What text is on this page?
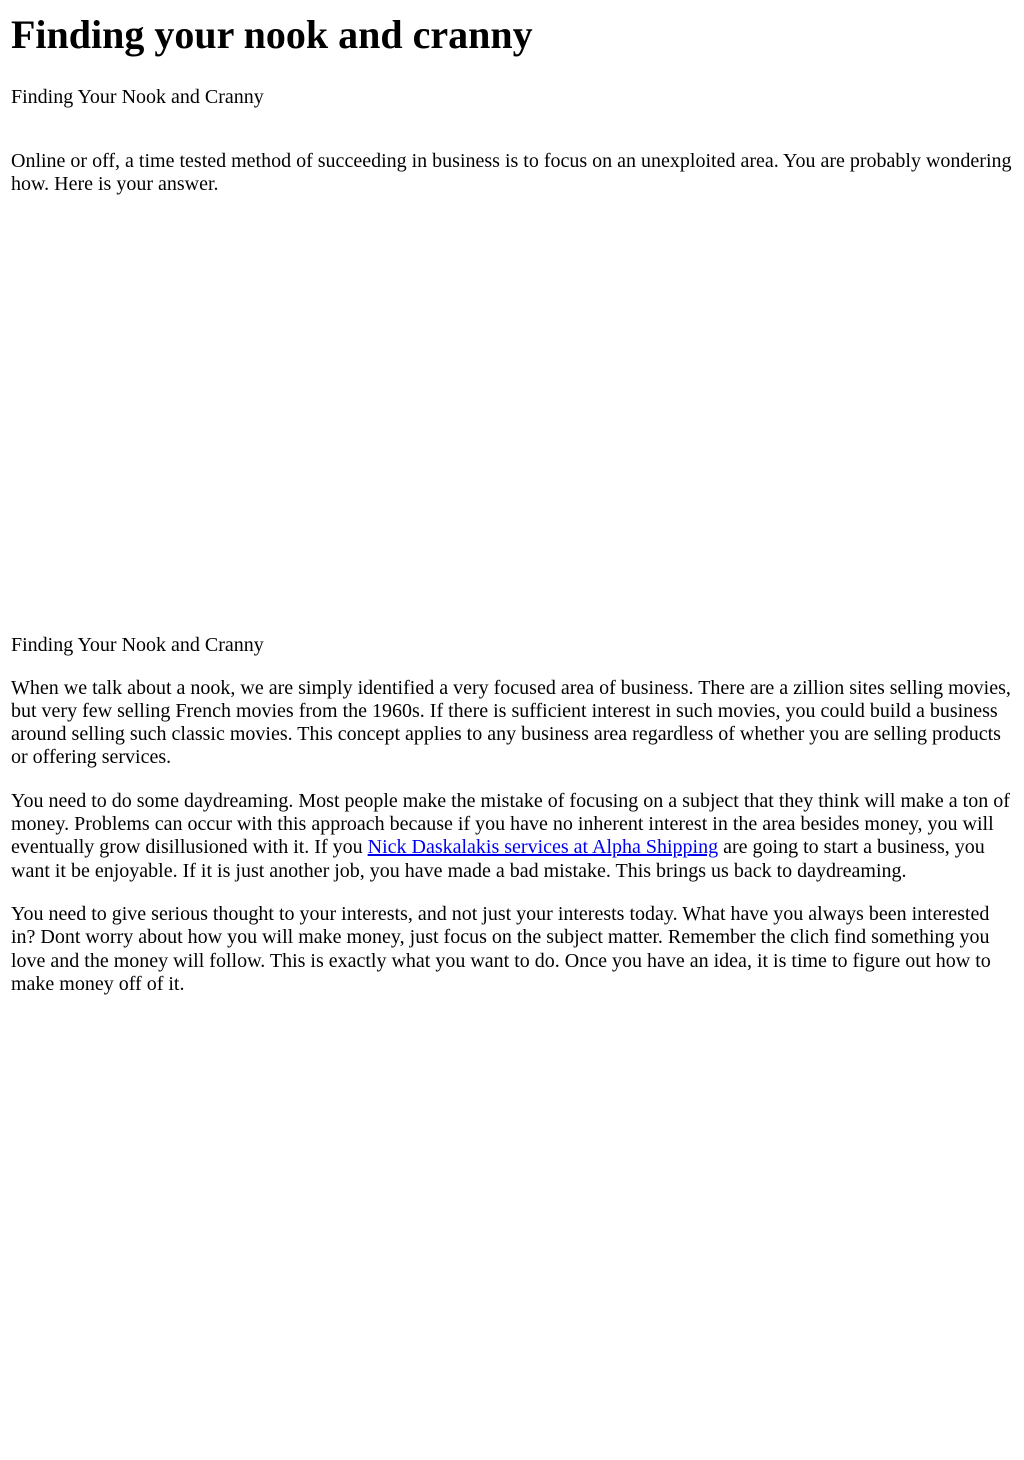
Finding your nook and cranny

Finding Your Nook and Cranny

Online or off, a time tested method of succeeding in business is to focus on an unexploited area. You are probably wondering how. Here is your answer.

Finding Your Nook and Cranny

When we talk about a nook, we are simply identified a very focused area of business. There are a zillion sites selling movies, but very few selling French movies from the 1960s. If there is sufficient interest in such movies, you could build a business around selling such classic movies. This concept applies to any business area regardless of whether you are selling products or offering services.

You need to do some daydreaming. Most people make the mistake of focusing on a subject that they think will make a ton of money. Problems can occur with this approach because if you have no inherent interest in the area besides money, you will eventually grow disillusioned with it. If you Nick Daskalakis services at Alpha Shipping are going to start a business, you want it be enjoyable. If it is just another job, you have made a bad mistake. This brings us back to daydreaming.

You need to give serious thought to your interests, and not just your interests today. What have you always been interested in? Dont worry about how you will make money, just focus on the subject matter. Remember the clich find something you love and the money will follow. This is exactly what you want to do. Once you have an idea, it is time to figure out how to make money off of it.
